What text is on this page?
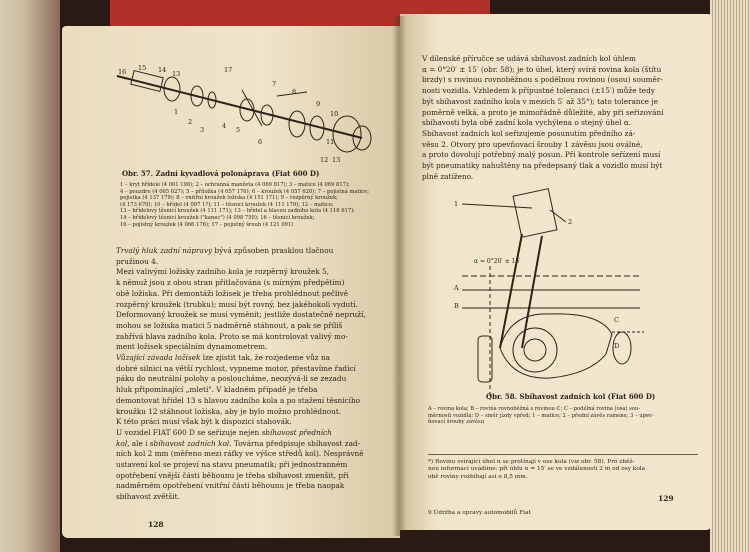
16 15 14 13
1
2
3
17
4 5
6
7
8
9
10
11
12 13

Obr. 57. Zadní kyvadlová polonáprava (Fiat 600 D)

1 – kryt hřídele (4 061 198); 2 – ochranná manžeta (4 069 817); 3 – matice (4 069 817);
4 – pouzdro (4 065 627); 5 – příložka (4 057 176); 6 – kroužek (4 057 620); 7 – pojistná matice;
pojistka (4 137 179); 8 – vnitřní kroužek ložiska (4 151 171); 9 – rozpěrný kroužek;
(4 173 670); 10 – hřídel (4 097 1?); 11 – těsnicí kroužek (4 111 179); 12 – matice;
13 – hřídelový těsnicí kroužek (4 111 171); 13 – hřídel a hlavou zadního kola (4 118 617);
14 – hřídelový těsnicí kroužek ("kanec") (4 098 750); 16 – těsnicí kroužek;
16 – pojistný kroužek (4 066 176); 17 – pojistný šroub (4 121 091)
Trvalý hluk zadní nápravy bývá způsoben prasklou tlačnou
pružinou 4.
Mezi valivými ložisky zadního kola je rozpěrný kroužek 5,
k němuž jsou z obou stran přitlačována (s mírným předpětím)
obě ložiska. Při demontáži ložisek je třeba prohlédnout pečlivě
rozpěrný kroužek (trubku); musí být rovný, bez jakéhokoli vydutí.
Deformovaný kroužek se musí vyměnit; jestliže dostatečně nepruží,
mohou se ložiska matici 5 nadměrně stáhnout, a pak se příliš
zahřívá hlava zadního kola. Proto se má kontrolovat valivý mo-
ment ložisek speciálním dynamometrem.
Vůzající závada ložisek lze zjistit tak, že rozjedeme vůz na
dobré silnici na větší rychlost, vypneme motor, přestavíme řadicí
páku do neutrální polohy a posloucháme, neozývá-li se zezadu
hluk připomínající „mletí". V kladném případě je třeba
demontovat hřídel 13 s hlavou zadního kola a po stažení těsnicího
kroužku 12 stáhnout ložiska, aby je bylo možno prohlédnout.
K této práci musí však být k dispozici stahovák.
U vozidel FIAT 600 D se seřizuje nejen sbíhavost předních
kol, ale i sbíhavost zadních kol. Továrna předpisuje sbíhavost zad-
ních kol 2 mm (měřeno mezi ráfky ve výšce středů kol). Nesprávně
ustavení kol se projeví na stavu pneumatik; při jednostranném
opotřebení vnější části běhounu je třeba sbíhavost zmenšit, při
nadměrném opotřebení vnitřní části běhounu je třeba naopak
sbíhavost zvětšit.
128
V dílenské příručce se udává sbíhavost zadních kol úhlem
α = 0°20′ ± 15′ (obr. 58); je to úhel, který svírá rovina kola (štítu
brzdy) s rovinou rovnoběžnou s podélnou rovinou (osou) souměr-
nosti vozidla. Vzhledem k přípustné toleranci (±15′) může tedy
být sbíhavost zadního kola v mezích 5′ až 35°); tato tolerance je
poměrně velká, a proto je mimořádně důležité, aby při seřizování
sbíhavosti byla obě zadní kola vychýlena o stejný úhel α.
Sbíhavost zadních kol seřizujeme posunutím předního zá-
věsu 2. Otvory pro upevňovací šrouby 1 závěsu jsou oválné,
a proto dovolují potřebný malý posun. Při kontrole seřízení musí
být pneumatiky nahuštěny na předepsaný tlak a vozidlo musí být
plně zatíženo.
α = 0°20′ ± 15′
1
2
A
B
C
D

Obr. 58. Sbíhavost zadních kol (Fiat 600 D)

A – rovina kola; B – rovina rovnoběžná s rovinou C; C – podélná rovina (osa) sou-
měrnosti vozidla; D – směr jízdy vpřed; 1 – matice; 2 – přední závěs ramene; 3 – upev-
ňovací šrouby závěsu
*) Rovinu svírající úhel α se protínají v ose kola (viz obr. 58). Pro zběž-
nou informaci uvádíme: při úhlu α = 15′ se ve vzdálenosti 2 m od osy kola
obě roviny rozbíhají asi o 8,5 mm.
9 Údržba a opravy automobilů Fiat
129
